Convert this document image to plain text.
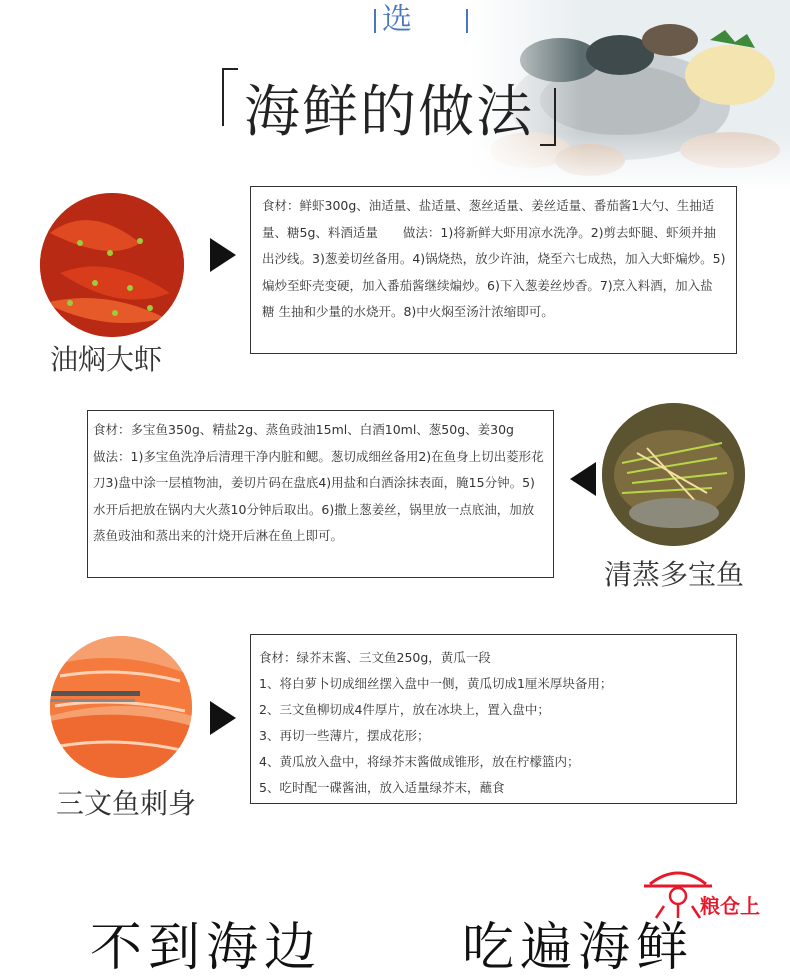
选
海鲜的做法
油焖大虾
食材：鲜虾300g、油适量、盐适量、葱丝适量、姜丝适量、番茄酱1大勺、生抽适量、糖5g、料酒适量　　做法：1)将新鲜大虾用凉水洗净。2)剪去虾腿、虾须并抽出沙线。3)葱姜切丝备用。4)锅烧热，放少许油，烧至六七成热，加入大虾煸炒。5)煸炒至虾壳变硬，加入番茄酱继续煸炒。6)下入葱姜丝炒香。7)烹入料酒，加入盐 糖 生抽和少量的水烧开。8)中火焖至汤汁浓缩即可。
食材：多宝鱼350g、精盐2g、蒸鱼豉油15ml、白酒10ml、葱50g、姜30g　　做法：1)多宝鱼洗净后清理干净内脏和鳃。葱切成细丝备用2)在鱼身上切出菱形花刀3)盘中涂一层植物油，姜切片码在盘底4)用盐和白酒涂抹表面，腌15分钟。5)水开后把放在锅内大火蒸10分钟后取出。6)撒上葱姜丝，锅里放一点底油，加放蒸鱼豉油和蒸出来的汁烧开后淋在鱼上即可。
清蒸多宝鱼
三文鱼刺身
食材：绿芥末酱、三文鱼250g，黄瓜一段
1、将白萝卜切成细丝摆入盘中一侧，黄瓜切成1厘米厚块备用；
2、三文鱼柳切成4件厚片，放在冰块上，置入盘中；
3、再切一些薄片，摆成花形；
4、黄瓜放入盘中，将绿芥末酱做成锥形，放在柠檬篮内；
5、吃时配一碟酱油，放入适量绿芥末，蘸食
粮仓上
不到海边	吃遍海鲜
